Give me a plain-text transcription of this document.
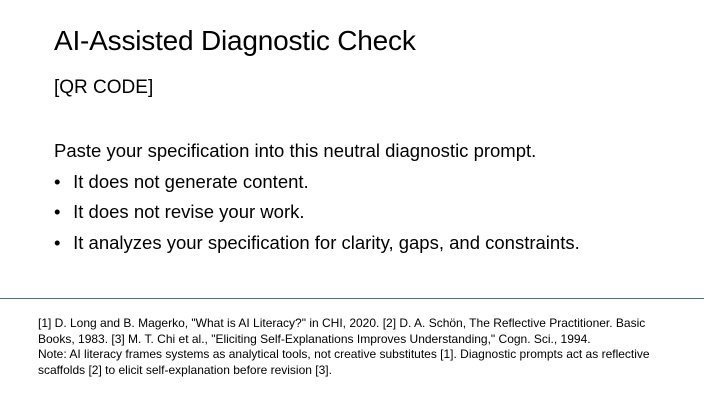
AI-Assisted Diagnostic Check
[QR CODE]
Paste your specification into this neutral diagnostic prompt.
• It does not generate content.
• It does not revise your work.
• It analyzes your specification for clarity, gaps, and constraints.
[1] D. Long and B. Magerko, "What is AI Literacy?" in CHI, 2020. [2] D. A. Schön, The Reflective Practitioner. Basic
Books, 1983. [3] M. T. Chi et al., "Eliciting Self-Explanations Improves Understanding," Cogn. Sci., 1994.
Note: AI literacy frames systems as analytical tools, not creative substitutes [1]. Diagnostic prompts act as reflective
scaffolds [2] to elicit self-explanation before revision [3].
